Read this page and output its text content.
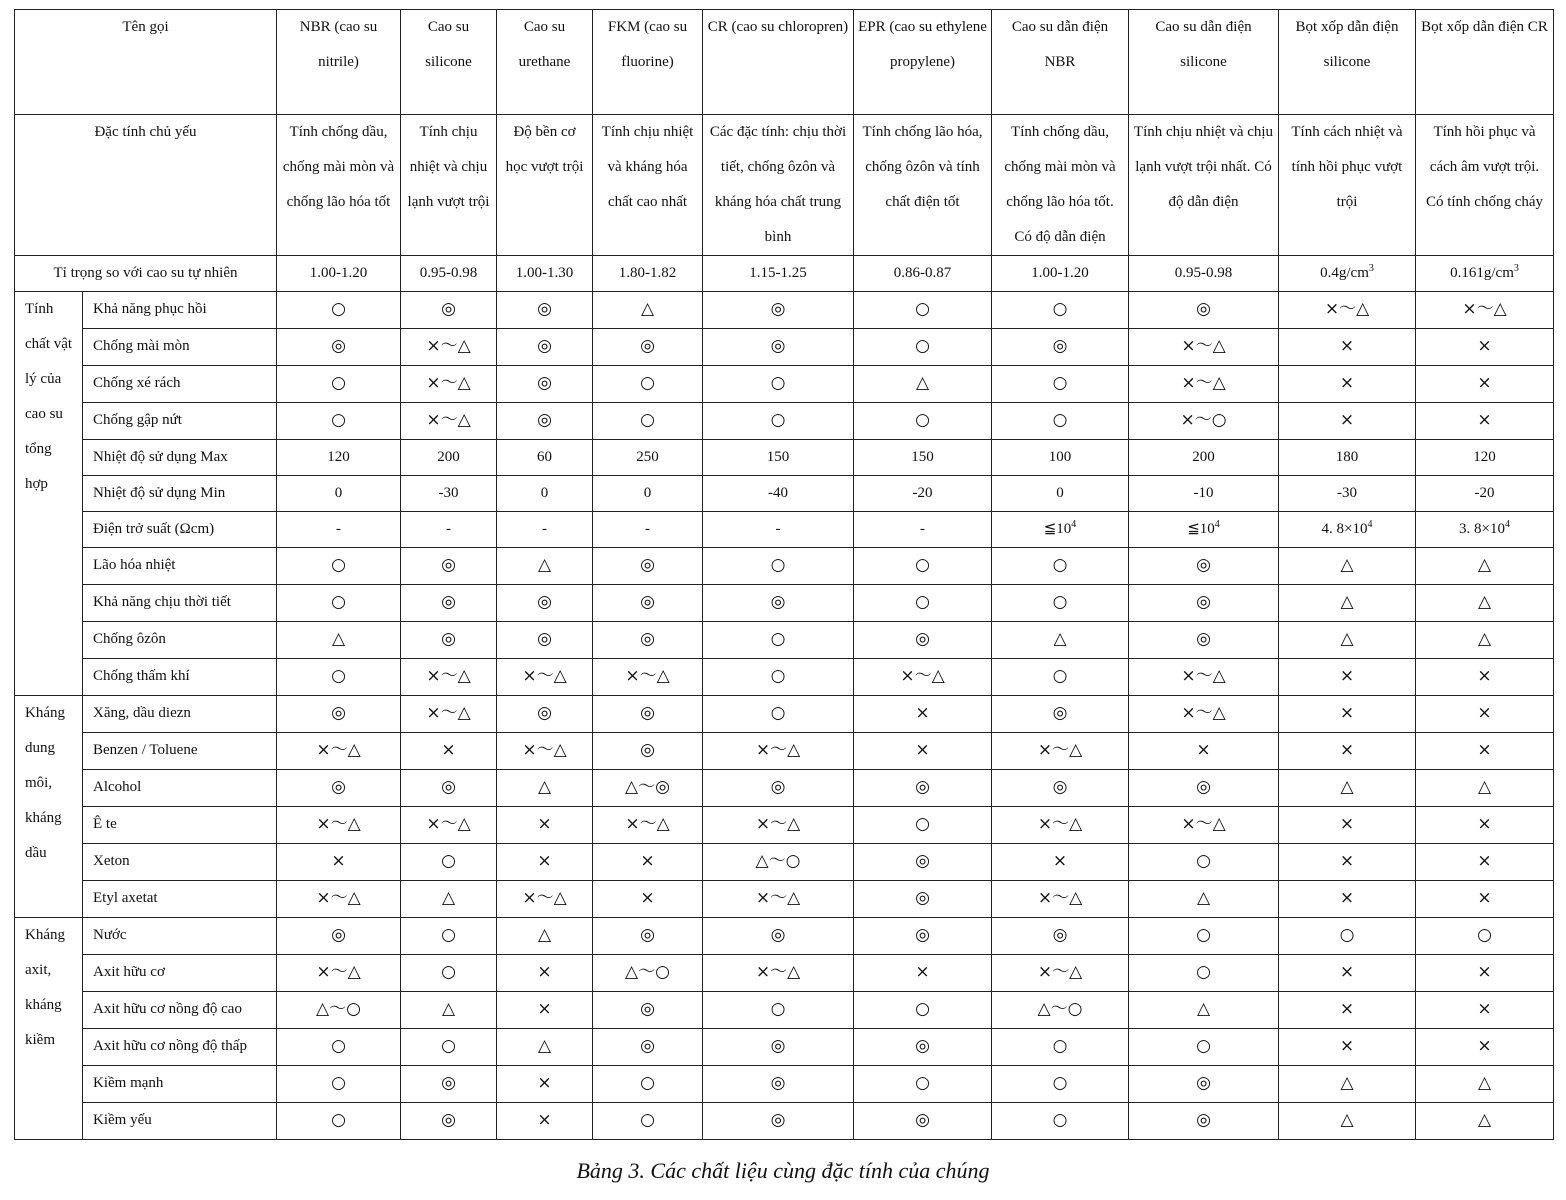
Tên gọi		NBR (cao su nitrile)	Cao su silicone	Cao su urethane	FKM (cao su fluorine)	CR (cao su chloropren)	EPR (cao su ethylene propylene)	Cao su dẫn điện NBR	Cao su dẫn điện silicone	Bọt xốp dẫn điện silicone	Bọt xốp dẫn điện CR
Đặc tính chủ yếu		Tính chống dầu, chống mài mòn và chống lão hóa tốt	Tính chịu nhiệt và chịu lạnh vượt trội	Độ bền cơ học vượt trội	Tính chịu nhiệt và kháng hóa chất cao nhất	Các đặc tính: chịu thời tiết, chống ôzôn và kháng hóa chất trung bình	Tính chống lão hóa, chống ôzôn và tính chất điện tốt	Tính chống dầu, chống mài mòn và chống lão hóa tốt. Có độ dẫn điện	Tính chịu nhiệt và chịu lạnh vượt trội nhất. Có độ dẫn điện	Tính cách nhiệt và tính hồi phục vượt trội	Tính hồi phục và cách âm vượt trội. Có tính chống cháy
Tỉ trọng so với cao su tự nhiên		1.00-1.20	0.95-0.98	1.00-1.30	1.80-1.82	1.15-1.25	0.86-0.87	1.00-1.20	0.95-0.98	$0.4g/cm^3$	$0.161g/cm^3$
Tính chất vật lý của cao su tổng hợp	Khả năng phục hồi	○	◎	◎	△	◎	○	○	◎	×〜△	×〜△
	Chống mài mòn	◎	×〜△	◎	◎	◎	○	◎	×〜△	×	×
	Chống xé rách	○	×〜△	◎	○	○	△	○	×〜△	×	×
	Chống gập nứt	○	×〜△	◎	○	○	○	○	×〜○	×	×
	Nhiệt độ sử dụng Max	120	200	60	250	150	150	100	200	180	120
	Nhiệt độ sử dụng Min	0	-30	0	0	-40	-20	0	-10	-30	-20
	Điện trở suất (Ωcm)	-	-	-	-	-	-	$≦10^4$	$≦10^4$	4. $8\times 10^4$	3. $8\times 10^4$
	Lão hóa nhiệt	○	◎	△	◎	○	○	○	◎	△	△
	Khả năng chịu thời tiết	○	◎	◎	◎	◎	○	○	◎	△	△
	Chống ôzôn	△	◎	◎	◎	○	◎	△	◎	△	△
	Chống thấm khí	○	×〜△	×〜△	×〜△	○	×〜△	○	×〜△	×	×
Kháng dung môi, kháng dầu	Xăng, dầu diezn	◎	×〜△	◎	◎	○	×	◎	×〜△	×	×
	Benzen / Toluene	×〜△	×	×〜△	◎	×〜△	×	×〜△	×	×	×
	Alcohol	◎	◎	△	△〜◎	◎	◎	◎	◎	△	△
	Ê te	×〜△	×〜△	×	×〜△	×〜△	○	×〜△	×〜△	×	×
	Xeton	×	○	×	×	△〜○	◎	×	○	×	×
	Etyl axetat	×〜△	△	×〜△	×	×〜△	◎	×〜△	△	×	×
Kháng axit, kháng kiềm	Nước	◎	○	△	◎	◎	◎	◎	○	○	○
	Axit hữu cơ	×〜△	○	×	△〜○	×〜△	×	×〜△	○	×	×
	Axit hữu cơ nồng độ cao	△〜○	△	×	◎	○	○	△〜○	△	×	×
	Axit hữu cơ nồng độ thấp	○	○	△	◎	◎	◎	○	○	×	×
	Kiềm mạnh	○	◎	×	○	◎	○	○	◎	△	△
	Kiềm yếu	○	◎	×	○	◎	◎	○	◎	△	△
Bảng 3. Các chất liệu cùng đặc tính của chúng
